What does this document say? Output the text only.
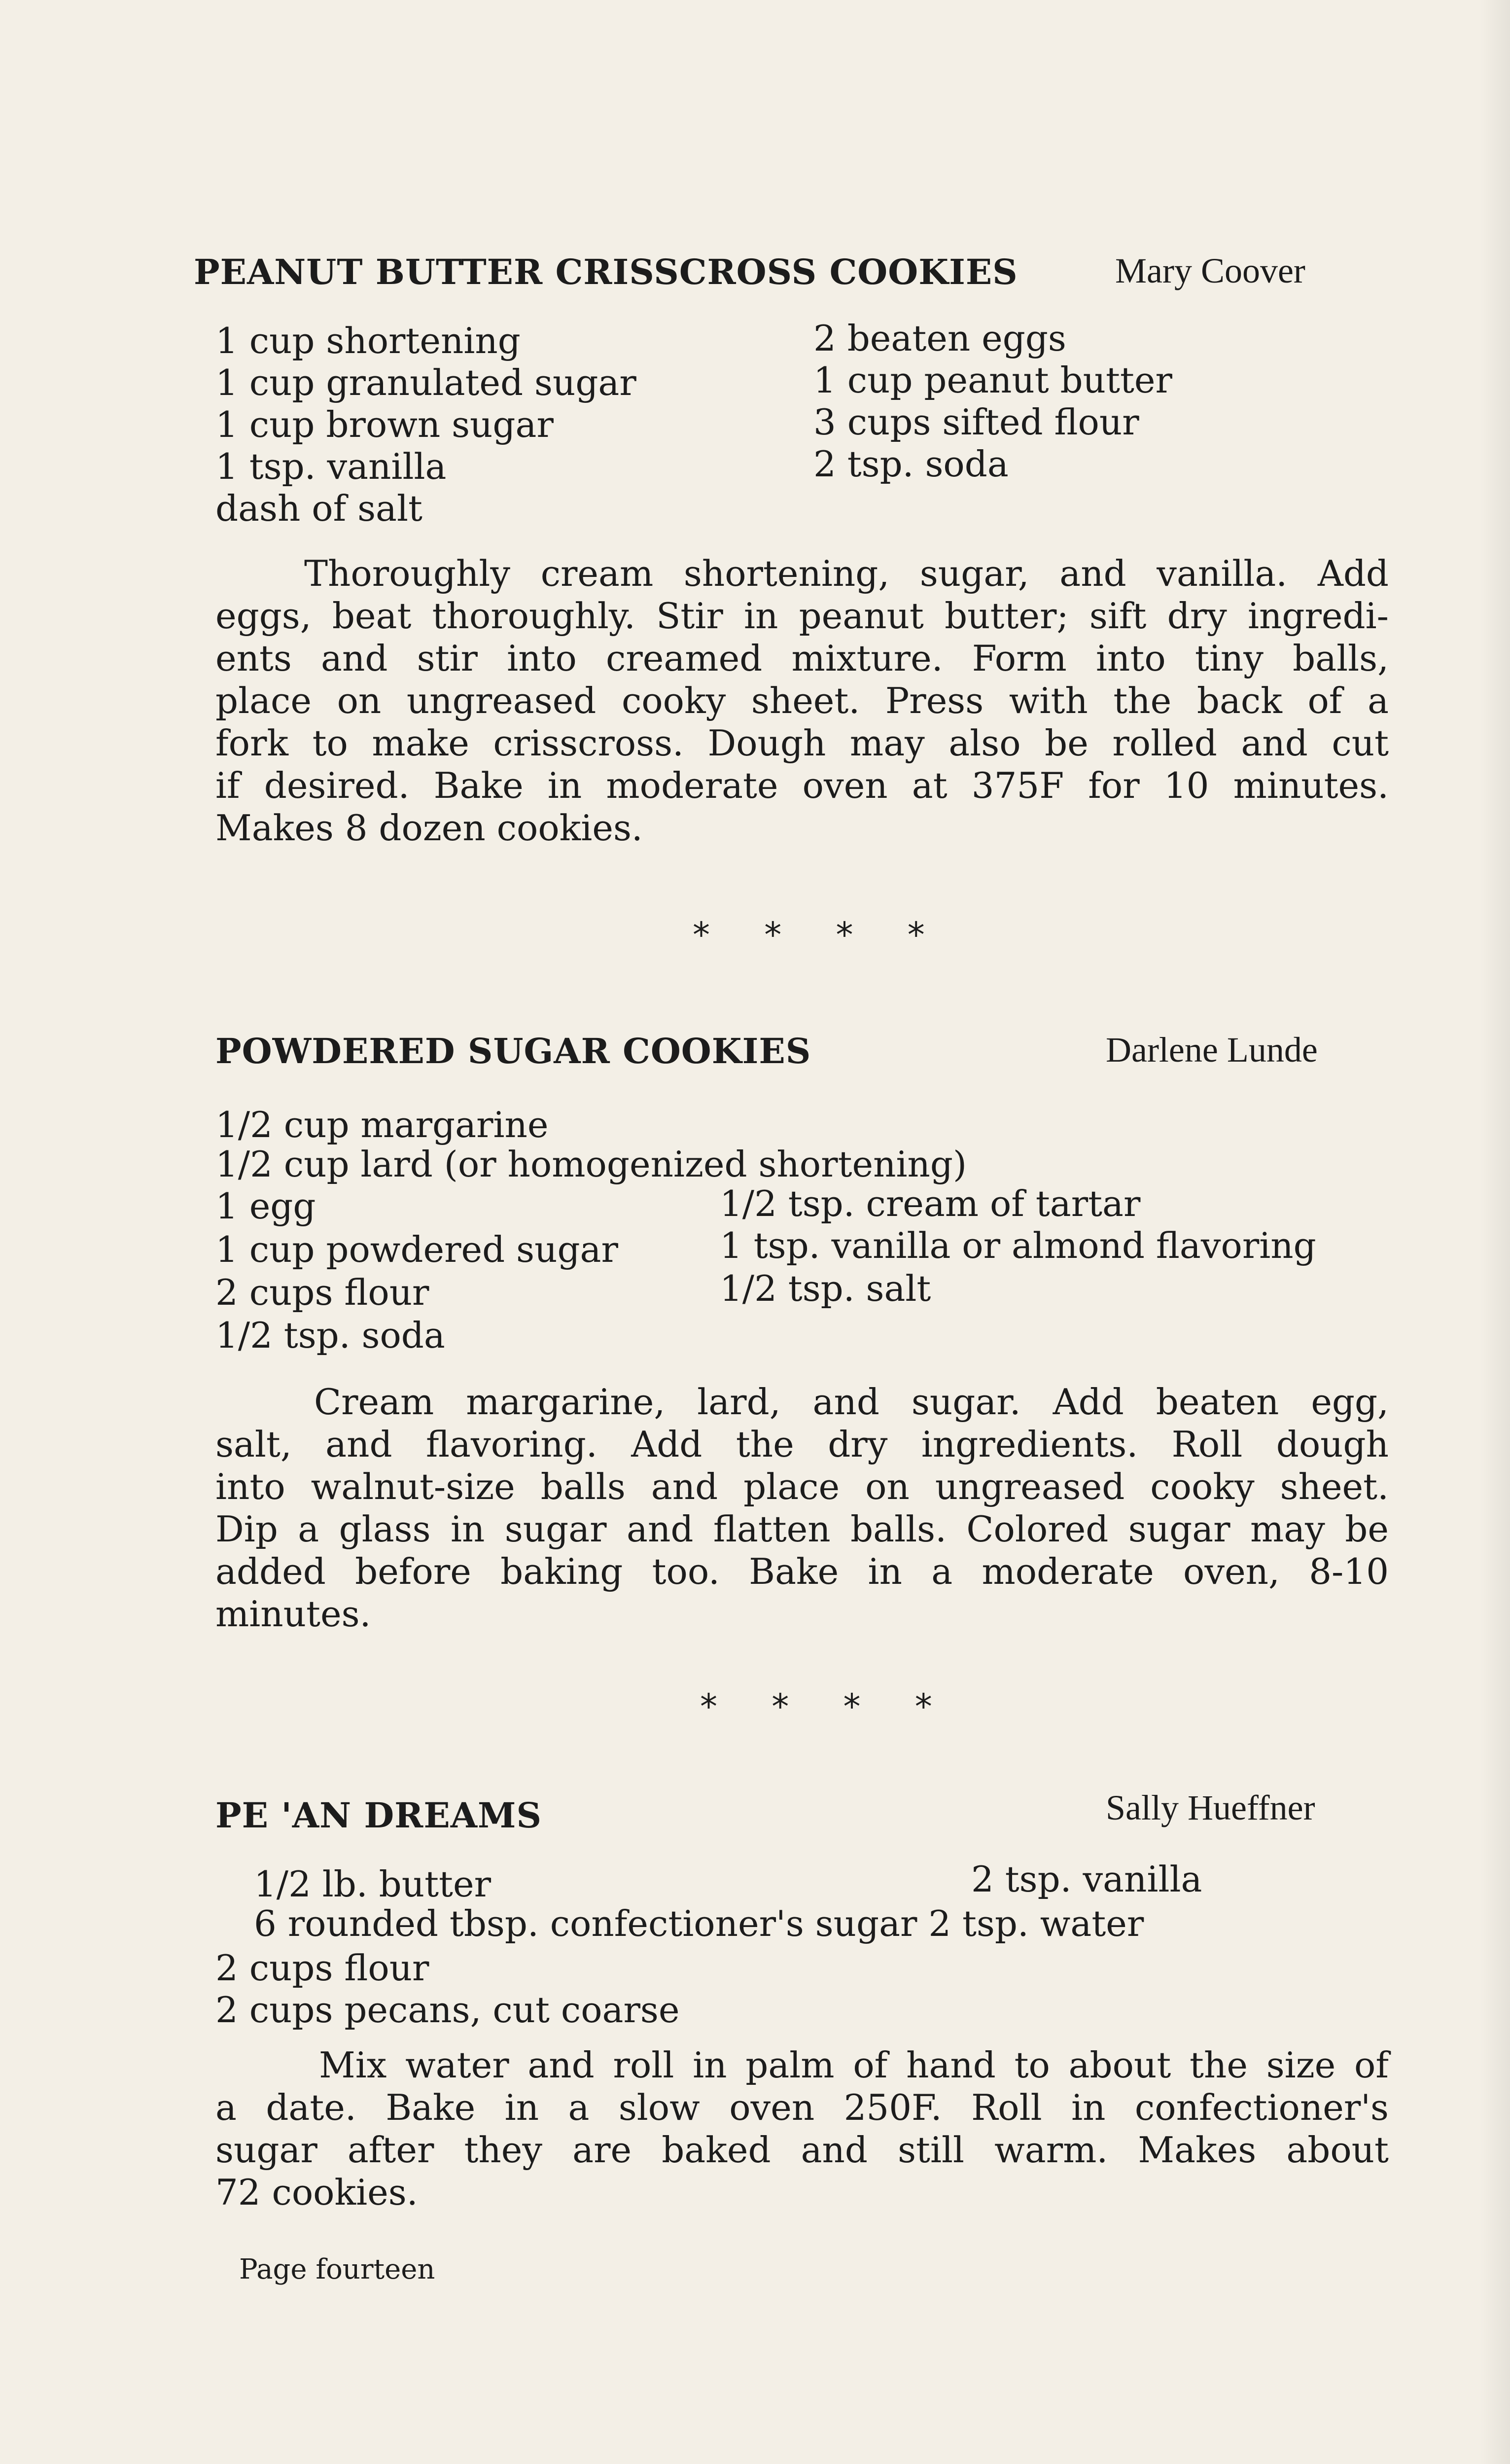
PEANUT BUTTER CRISSCROSS COOKIES	Mary Coover
1 cup shortening
1 cup granulated sugar
1 cup brown sugar
1 tsp. vanilla
dash of salt
2 beaten eggs
1 cup peanut butter
3 cups sifted flour
2 tsp. soda
Thoroughly cream shortening, sugar, and vanilla. Add
eggs, beat thoroughly. Stir in peanut butter; sift dry ingredi-
ents and stir into creamed mixture. Form into tiny balls,
place on ungreased cooky sheet. Press with the back of a
fork to make crisscross. Dough may also be rolled and cut
if desired. Bake in moderate oven at 375F for 10 minutes.
Makes 8 dozen cookies.
* * * *
POWDERED SUGAR COOKIES	Darlene Lunde
1/2 cup margarine
1/2 cup lard (or homogenized shortening)
1 egg
1 cup powdered sugar
2 cups flour
1/2 tsp. soda
1/2 tsp. cream of tartar
1 tsp. vanilla or almond flavoring
1/2 tsp. salt
Cream margarine, lard, and sugar. Add beaten egg,
salt, and flavoring. Add the dry ingredients. Roll dough
into walnut-size balls and place on ungreased cooky sheet.
Dip a glass in sugar and flatten balls. Colored sugar may be
added before baking too. Bake in a moderate oven, 8-10
minutes.
* * * *
PE 'AN DREAMS	Sally Hueffner
1/2 lb. butter	2 tsp. vanilla
6 rounded tbsp. confectioner's sugar 2 tsp. water
2 cups flour
2 cups pecans, cut coarse
Mix water and roll in palm of hand to about the size of
a date. Bake in a slow oven 250F. Roll in confectioner's
sugar after they are baked and still warm. Makes about
72 cookies.
Page fourteen
